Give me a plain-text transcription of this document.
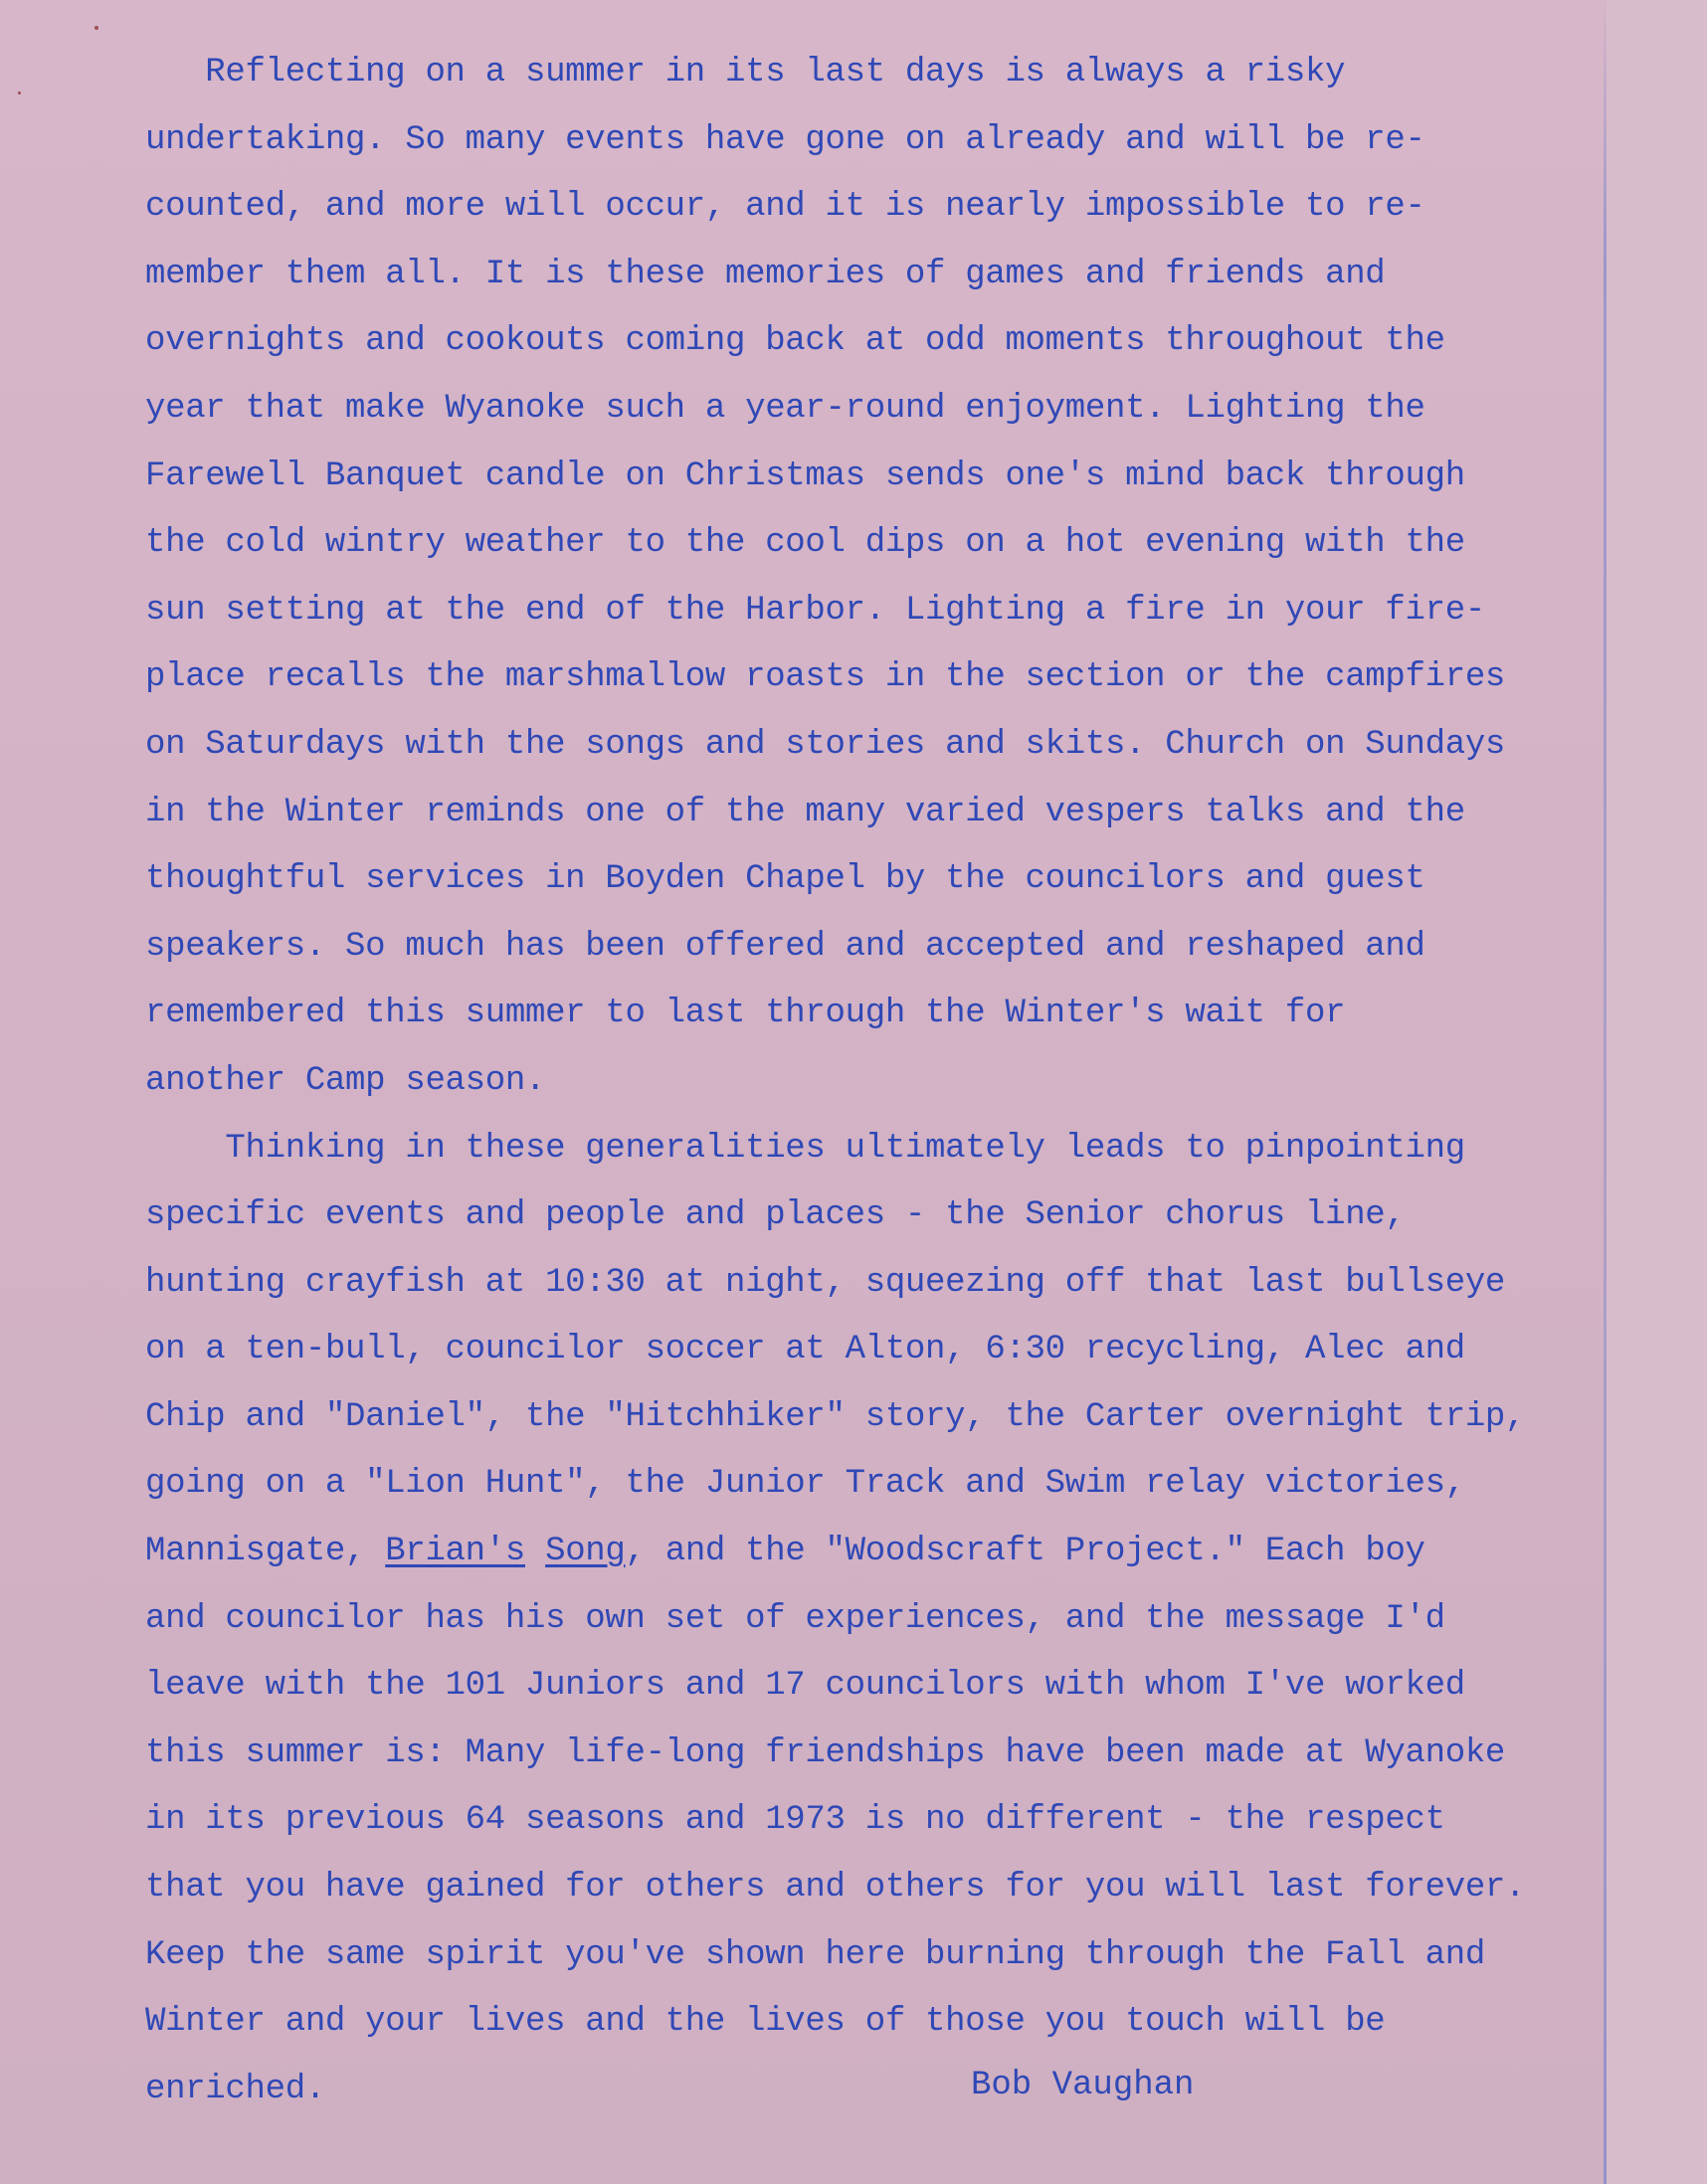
Reflecting on a summer in its last days is always a risky
undertaking. So many events have gone on already and will be re-
counted, and more will occur, and it is nearly impossible to re-
member them all. It is these memories of games and friends and
overnights and cookouts coming back at odd moments throughout the
year that make Wyanoke such a year-round enjoyment. Lighting the
Farewell Banquet candle on Christmas sends one's mind back through
the cold wintry weather to the cool dips on a hot evening with the
sun setting at the end of the Harbor. Lighting a fire in your fire-
place recalls the marshmallow roasts in the section or the campfires
on Saturdays with the songs and stories and skits. Church on Sundays
in the Winter reminds one of the many varied vespers talks and the
thoughtful services in Boyden Chapel by the councilors and guest
speakers. So much has been offered and accepted and reshaped and
remembered this summer to last through the Winter's wait for
another Camp season.
Thinking in these generalities ultimately leads to pinpointing
specific events and people and places - the Senior chorus line,
hunting crayfish at 10:30 at night, squeezing off that last bullseye
on a ten-bull, councilor soccer at Alton, 6:30 recycling, Alec and
Chip and "Daniel", the "Hitchhiker" story, the Carter overnight trip,
going on a "Lion Hunt", the Junior Track and Swim relay victories,
Mannisgate, Brian's Song, and the "Woodscraft Project." Each boy
and councilor has his own set of experiences, and the message I'd
leave with the 101 Juniors and 17 councilors with whom I've worked
this summer is: Many life-long friendships have been made at Wyanoke
in its previous 64 seasons and 1973 is no different - the respect
that you have gained for others and others for you will last forever.
Keep the same spirit you've shown here burning through the Fall and
Winter and your lives and the lives of those you touch will be
enriched.	Bob Vaughan
